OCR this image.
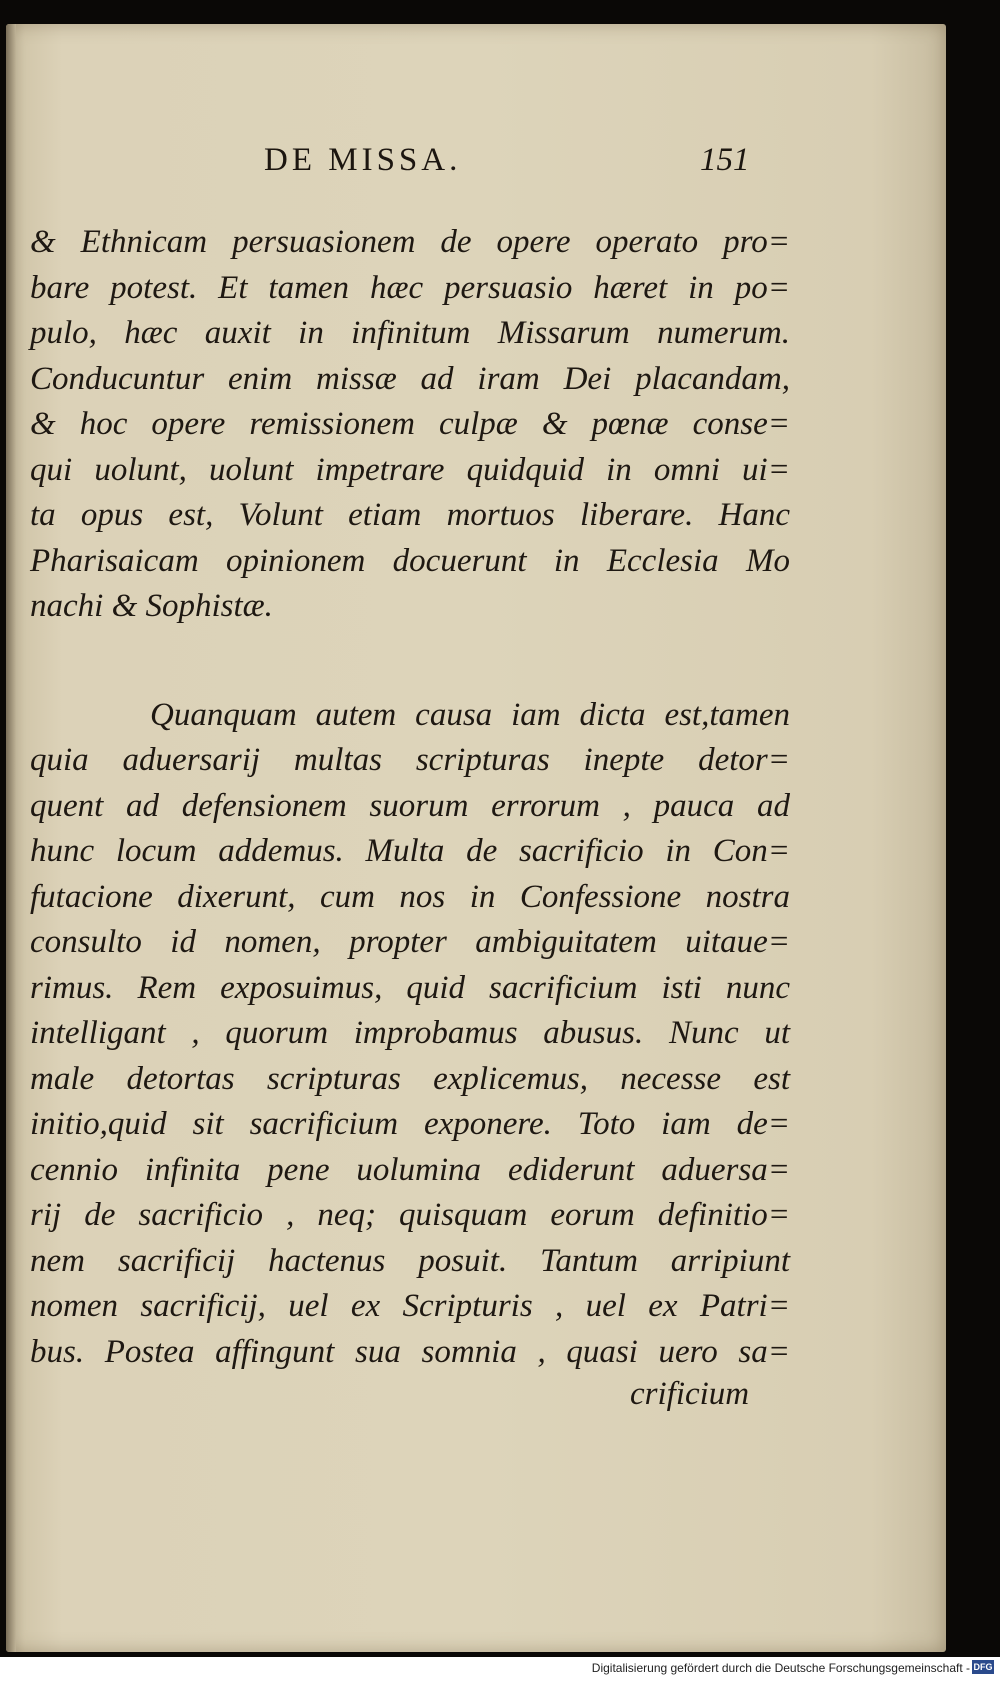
DE MISSA.	151
& Ethnicam persuasionem de opere operato pro=
bare potest. Et tamen hæc persuasio hæret in po=
pulo, hæc auxit in infinitum Missarum numerum.
Conducuntur enim missæ ad iram Dei placandam,
& hoc opere remissionem culpæ & pœnæ conse=
qui uolunt, uolunt impetrare quidquid in omni ui=
ta opus est, Volunt etiam mortuos liberare. Hanc
Pharisaicam opinionem docuerunt in Ecclesia Mo
nachi & Sophistæ.
Quanquam autem causa iam dicta est,tamen
quia aduersarij multas scripturas inepte detor=
quent ad defensionem suorum errorum , pauca ad
hunc locum addemus. Multa de sacrificio in Con=
futacione dixerunt, cum nos in Confessione nostra
consulto id nomen, propter ambiguitatem uitaue=
rimus. Rem exposuimus, quid sacrificium isti nunc
intelligant , quorum improbamus abusus. Nunc ut
male detortas scripturas explicemus, necesse est
initio,quid sit sacrificium exponere. Toto iam de=
cennio infinita pene uolumina ediderunt aduersa=
rij de sacrificio , neq; quisquam eorum definitio=
nem sacrificij hactenus posuit. Tantum arripiunt
nomen sacrificij, uel ex Scripturis , uel ex Patri=
bus. Postea affingunt sua somnia , quasi uero sa=
crificium
Digitalisierung gefördert durch die Deutsche Forschungsgemeinschaft - DFG
